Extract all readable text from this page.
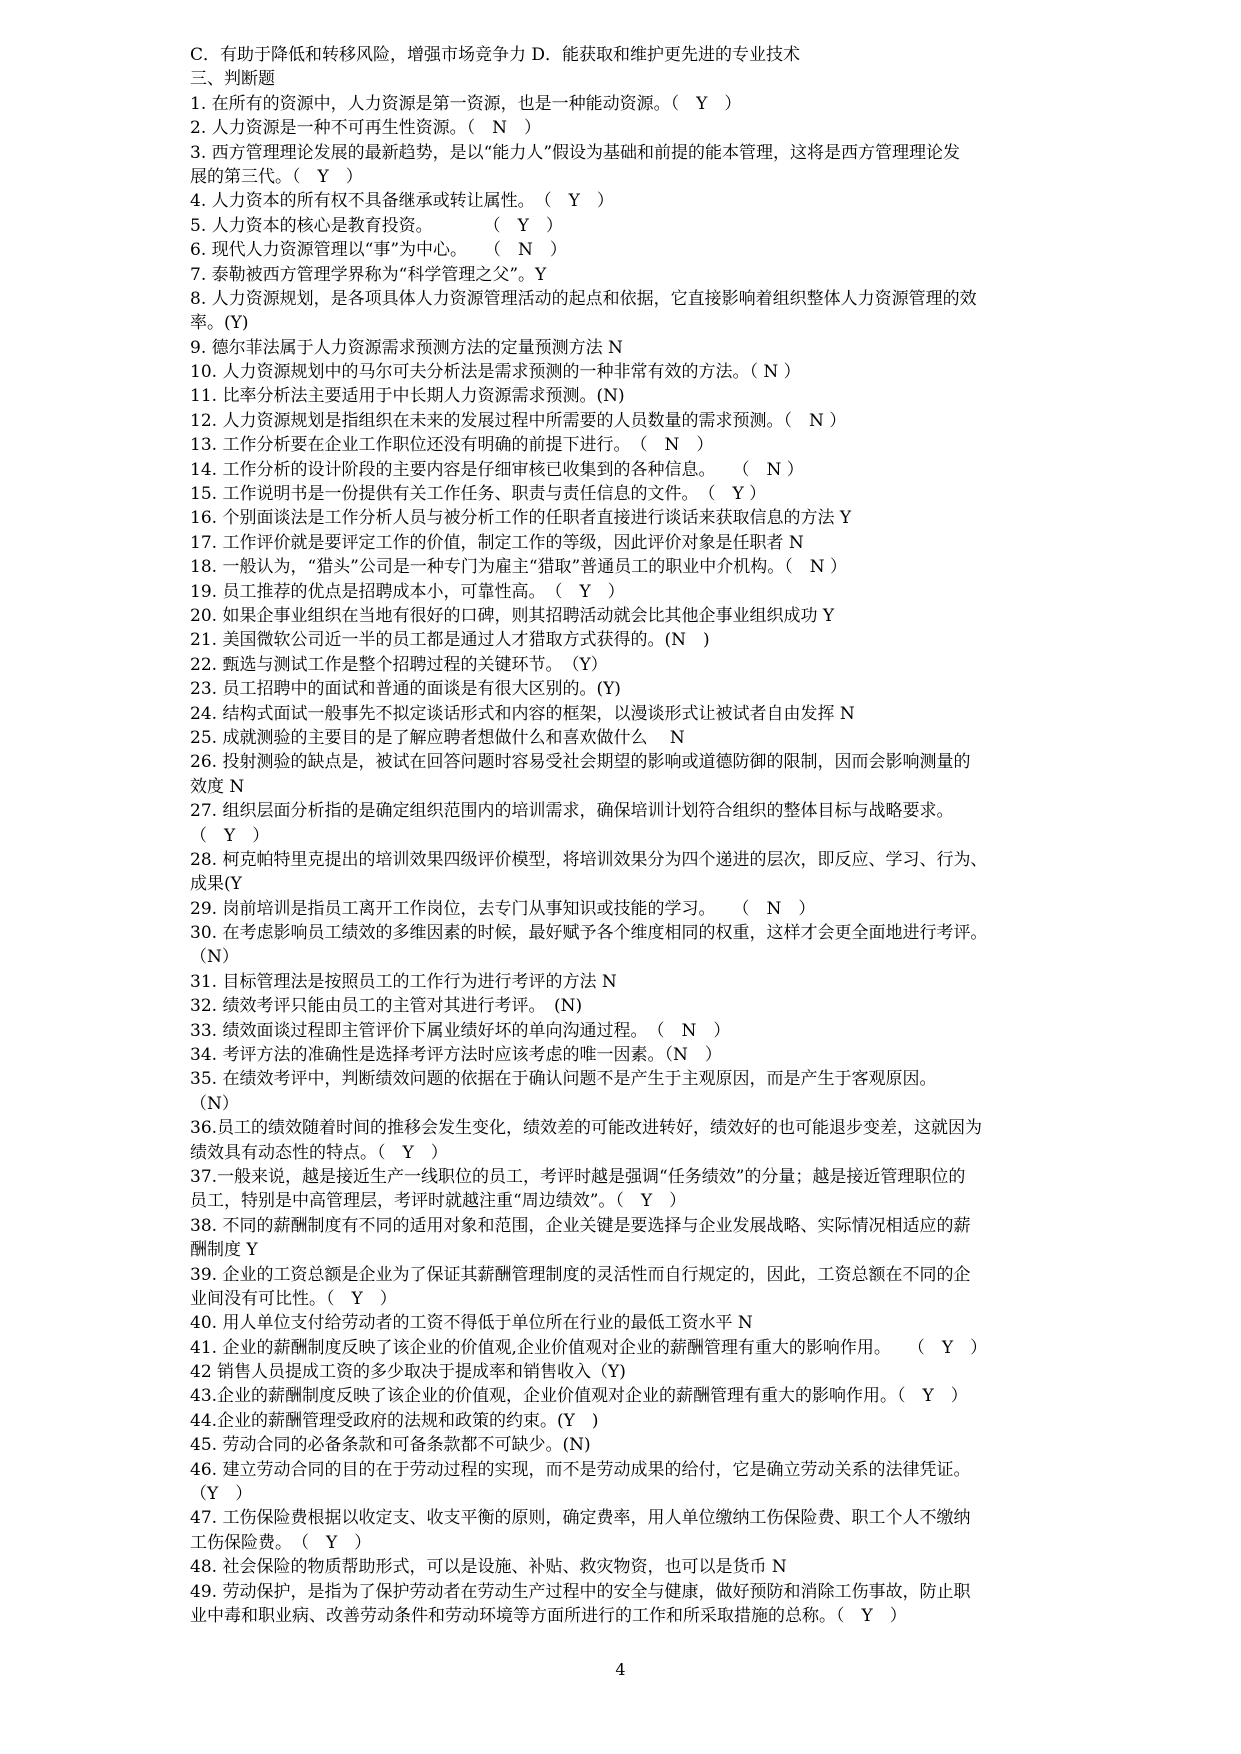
C．有助于降低和转移风险，增强市场竞争力 D．能获取和维护更先进的专业技术
三、判断题
1. 在所有的资源中，人力资源是第一资源，也是一种能动资源。（　Y　）
2. 人力资源是一种不可再生性资源。（　N　）
3. 西方管理理论发展的最新趋势，是以“能力人”假设为基础和前提的能本管理，这将是西方管理理论发
展的第三代。（　Y　）
4. 人力资本的所有权不具备继承或转让属性。　（　Y　）
5. 人力资本的核心是教育投资。　　　　（　Y　）
6. 现代人力资源管理以“事”为中心。　　（　N　）
7. 泰勒被西方管理学界称为“科学管理之父”。Y
8. 人力资源规划，是各项具体人力资源管理活动的起点和依据，它直接影响着组织整体人力资源管理的效
率。(Y)
9. 德尔菲法属于人力资源需求预测方法的定量预测方法 N
10. 人力资源规划中的马尔可夫分析法是需求预测的一种非常有效的方法。（ N ）
11. 比率分析法主要适用于中长期人力资源需求预测。(N)
12. 人力资源规划是指组织在未来的发展过程中所需要的人员数量的需求预测。（　N ）
13. 工作分析要在企业工作职位还没有明确的前提下进行。　（　N　）
14. 工作分析的设计阶段的主要内容是仔细审核已收集到的各种信息。　　（　N ）
15. 工作说明书是一份提供有关工作任务、职责与责任信息的文件。　（　Y ）
16. 个别面谈法是工作分析人员与被分析工作的任职者直接进行谈话来获取信息的方法 Y
17. 工作评价就是要评定工作的价值，制定工作的等级，因此评价对象是任职者 N
18. 一般认为，“猎头”公司是一种专门为雇主“猎取”普通员工的职业中介机构。（　N ）
19. 员工推荐的优点是招聘成本小，可靠性高。　（　Y　）
20. 如果企事业组织在当地有很好的口碑，则其招聘活动就会比其他企事业组织成功 Y
21. 美国微软公司近一半的员工都是通过人才猎取方式获得的。(N　)
22. 甄选与测试工作是整个招聘过程的关键环节。　（Y）
23. 员工招聘中的面试和普通的面谈是有很大区别的。(Y)
24. 结构式面试一般事先不拟定谈话形式和内容的框架，以漫谈形式让被试者自由发挥 N
25. 成就测验的主要目的是了解应聘者想做什么和喜欢做什么　 N
26. 投射测验的缺点是，被试在回答问题时容易受社会期望的影响或道德防御的限制，因而会影响测量的
效度 N
27. 组织层面分析指的是确定组织范围内的培训需求，确保培训计划符合组织的整体目标与战略要求。
（　Y　）
28. 柯克帕特里克提出的培训效果四级评价模型，将培训效果分为四个递进的层次，即反应、学习、行为、
成果(Y
29. 岗前培训是指员工离开工作岗位，去专门从事知识或技能的学习。　　（　N　）
30. 在考虑影响员工绩效的多维因素的时候，最好赋予各个维度相同的权重，这样才会更全面地进行考评。
（N）
31. 目标管理法是按照员工的工作行为进行考评的方法 N
32. 绩效考评只能由员工的主管对其进行考评。　(N)
33. 绩效面谈过程即主管评价下属业绩好坏的单向沟通过程。　（　N　）
34. 考评方法的准确性是选择考评方法时应该考虑的唯一因素。（N　）
35. 在绩效考评中，判断绩效问题的依据在于确认问题不是产生于主观原因，而是产生于客观原因。
（N）
36.员工的绩效随着时间的推移会发生变化，绩效差的可能改进转好，绩效好的也可能退步变差，这就因为
绩效具有动态性的特点。（　Y　）
37.一般来说，越是接近生产一线职位的员工，考评时越是强调“任务绩效”的分量；越是接近管理职位的
员工，特别是中高管理层，考评时就越注重“周边绩效”。（　Y　）
38. 不同的薪酬制度有不同的适用对象和范围，企业关键是要选择与企业发展战略、实际情况相适应的薪
酬制度 Y
39. 企业的工资总额是企业为了保证其薪酬管理制度的灵活性而自行规定的，因此，工资总额在不同的企
业间没有可比性。（　Y　）
40. 用人单位支付给劳动者的工资不得低于单位所在行业的最低工资水平 N
41. 企业的薪酬制度反映了该企业的价值观,企业价值观对企业的薪酬管理有重大的影响作用。　　（　Y　）
42 销售人员提成工资的多少取决于提成率和销售收入（Y)
43.企业的薪酬制度反映了该企业的价值观，企业价值观对企业的薪酬管理有重大的影响作用。（　Y　）
44.企业的薪酬管理受政府的法规和政策的约束。(Y　)
45. 劳动合同的必备条款和可备条款都不可缺少。(N)
46. 建立劳动合同的目的在于劳动过程的实现，而不是劳动成果的给付，它是确立劳动关系的法律凭证。
（Y　）
47. 工伤保险费根据以收定支、收支平衡的原则，确定费率，用人单位缴纳工伤保险费、职工个人不缴纳
工伤保险费。　（　Y　）
48. 社会保险的物质帮助形式，可以是设施、补贴、救灾物资，也可以是货币 N
49. 劳动保护，是指为了保护劳动者在劳动生产过程中的安全与健康，做好预防和消除工伤事故，防止职
业中毒和职业病、改善劳动条件和劳动环境等方面所进行的工作和所采取措施的总称。（　Y　）
4
